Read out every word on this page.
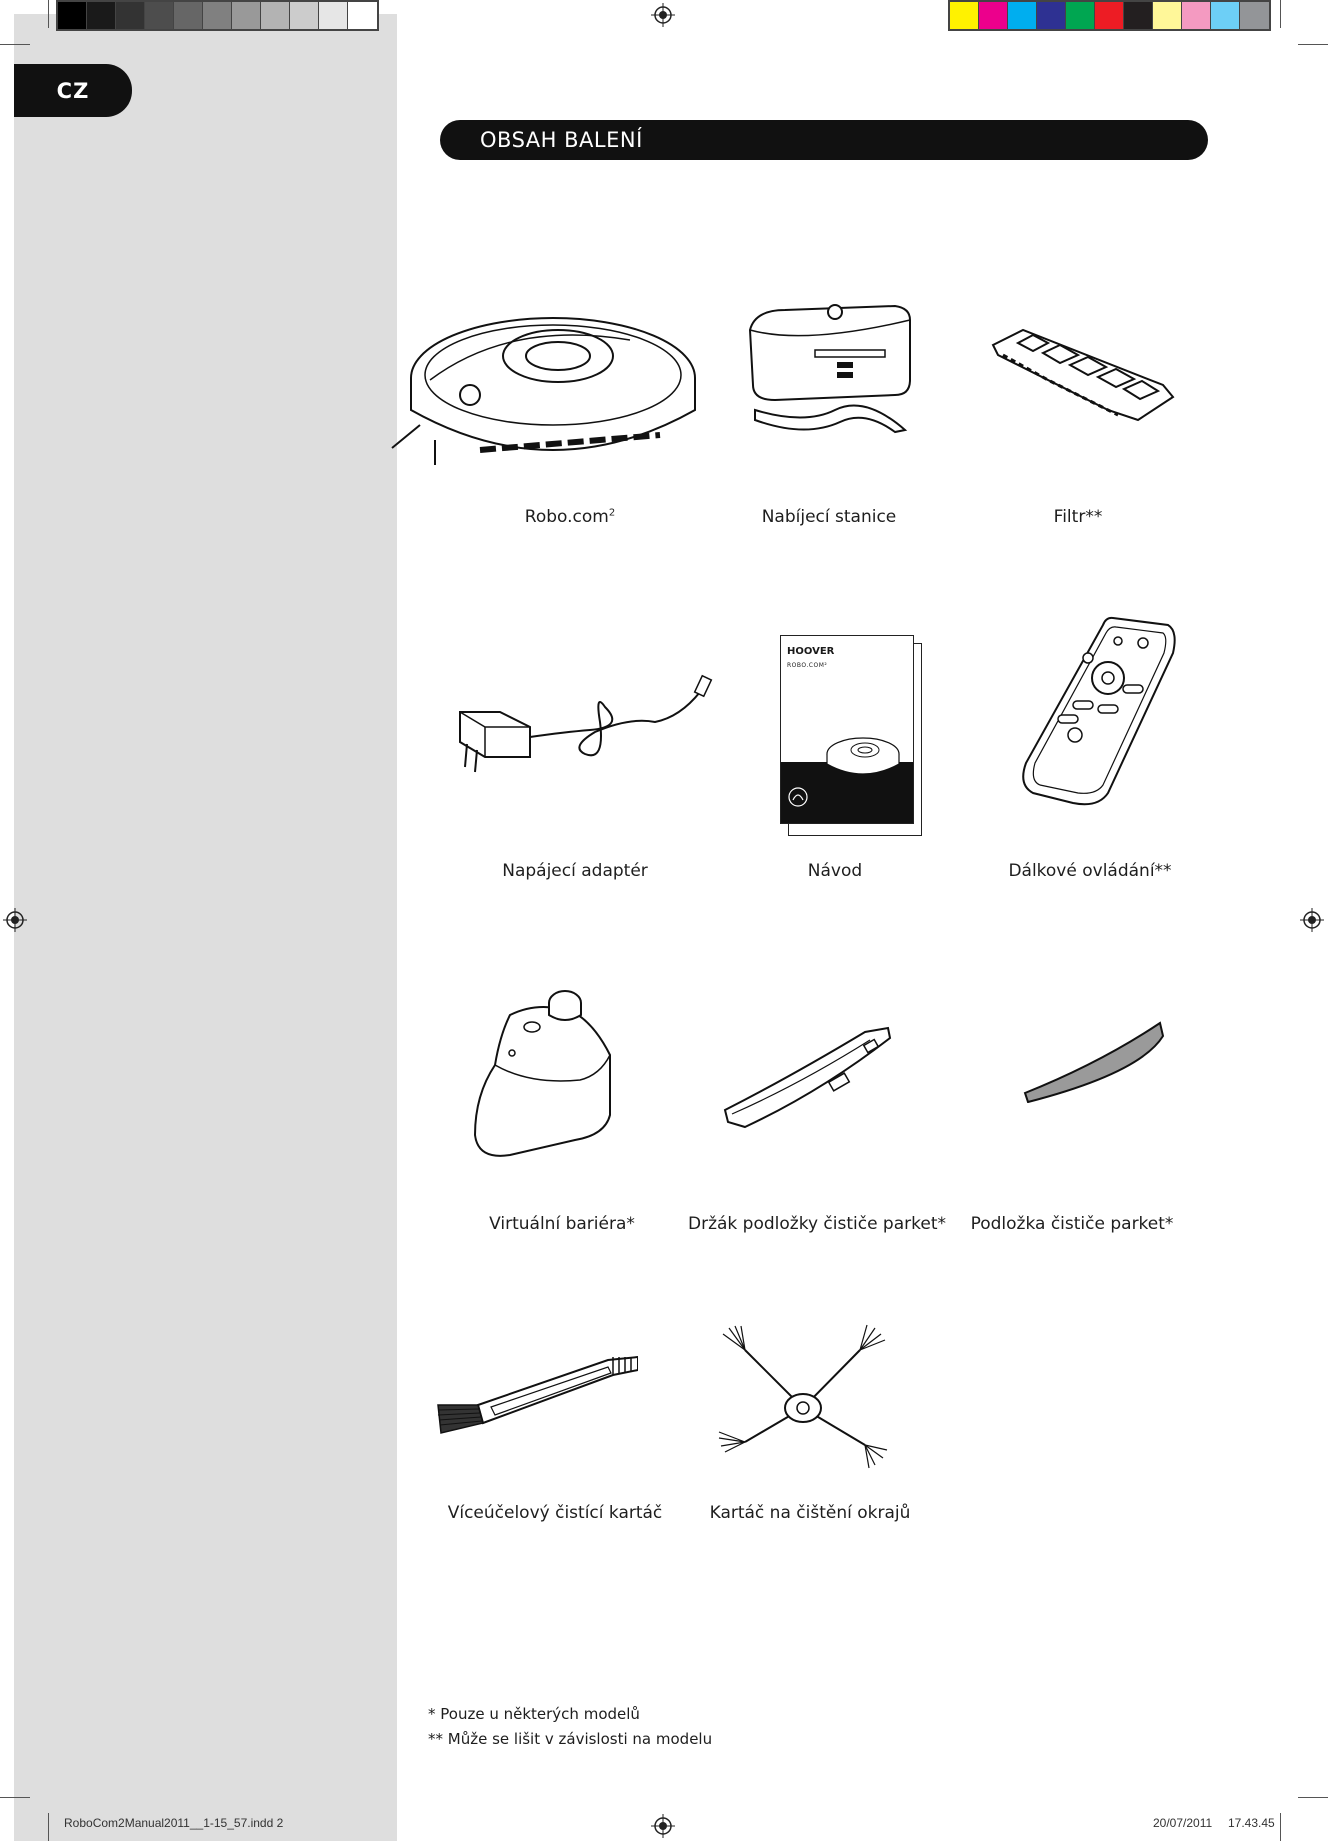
CZ
OBSAH BALENÍ
Robo.com$^2$	Nabíjecí stanice	Filtr**
Napájecí adaptér
HOOVER
ROBO.COM²
Návod	Dálkové ovládání**
Virtuální bariéra*	Držák podložky čističe parket*	Podložka čističe parket*
Víceúčelový čistící kartáč	Kartáč na čištění okrajů
* Pouze u některých modelů
** Může se lišit v závislosti na modelu
RoboCom2Manual2011__1-15_57.indd 2	20/07/2011 17.43.45
